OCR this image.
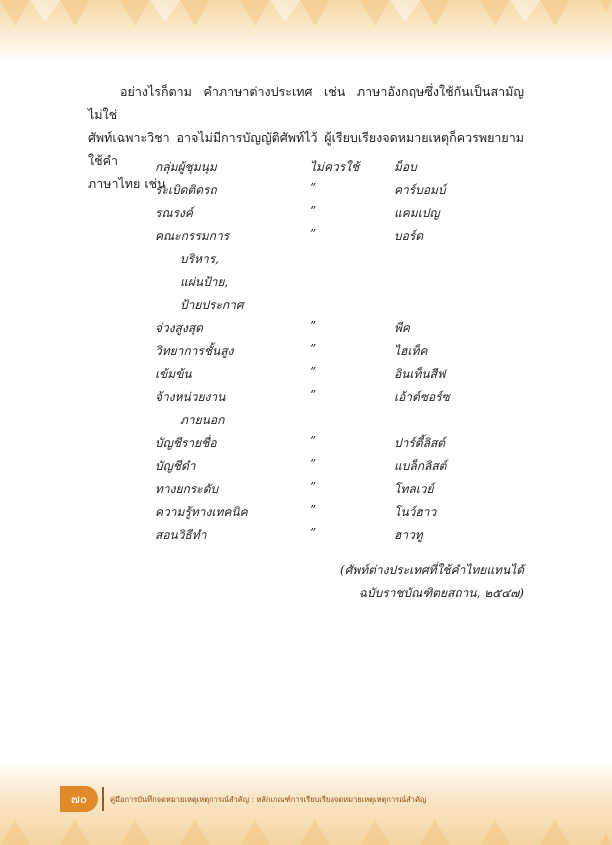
อย่างไรก็ตาม คำภาษาต่างประเทศ เช่น ภาษาอังกฤษซึ่งใช้กันเป็นสามัญ ไม่ใช่
ศัพท์เฉพาะวิชา อาจไม่มีการบัญญัติศัพท์ไว้ ผู้เรียบเรียงจดหมายเหตุก็ควรพยายามใช้คำ
ภาษาไทย เช่น
กลุ่มผู้ชุมนุม	ไม่ควรใช้	ม็อบ
ระเบิดติดรถ	”	คาร์บอมบ์
รณรงค์	”	แคมเปญ
คณะกรรมการ	”	บอร์ด
บริหาร,
แผ่นป้าย,
ป้ายประกาศ
จ่วงสูงสุด	”	พีค
วิทยาการชั้นสูง	”	ไฮเท็ค
เข้มข้น	”	อินเท็นสีฟ
จ้างหน่วยงาน	”	เอ้าต์ซอร์ซ
ภายนอก
บัญชีรายชื่อ	”	ปาร์ตี้ลิสต์
บัญชีดำ	”	แบล็กลิสต์
ทางยกระดับ	”	โทลเวย์
ความรู้ทางเทคนิค	”	โนว์ฮาว
สอนวิธีทำ	”	ฮาวทู
(ศัพท์ต่างประเทศที่ใช้คำไทยแทนได้
ฉบับราชบัณฑิตยสถาน, ๒๕๔๗)
๗๐	คู่มือการบันทึกจดหมายเหตุเหตุการณ์สำคัญ : หลักเกณฑ์การเรียบเรียงจดหมายเหตุเหตุการณ์สำคัญ
